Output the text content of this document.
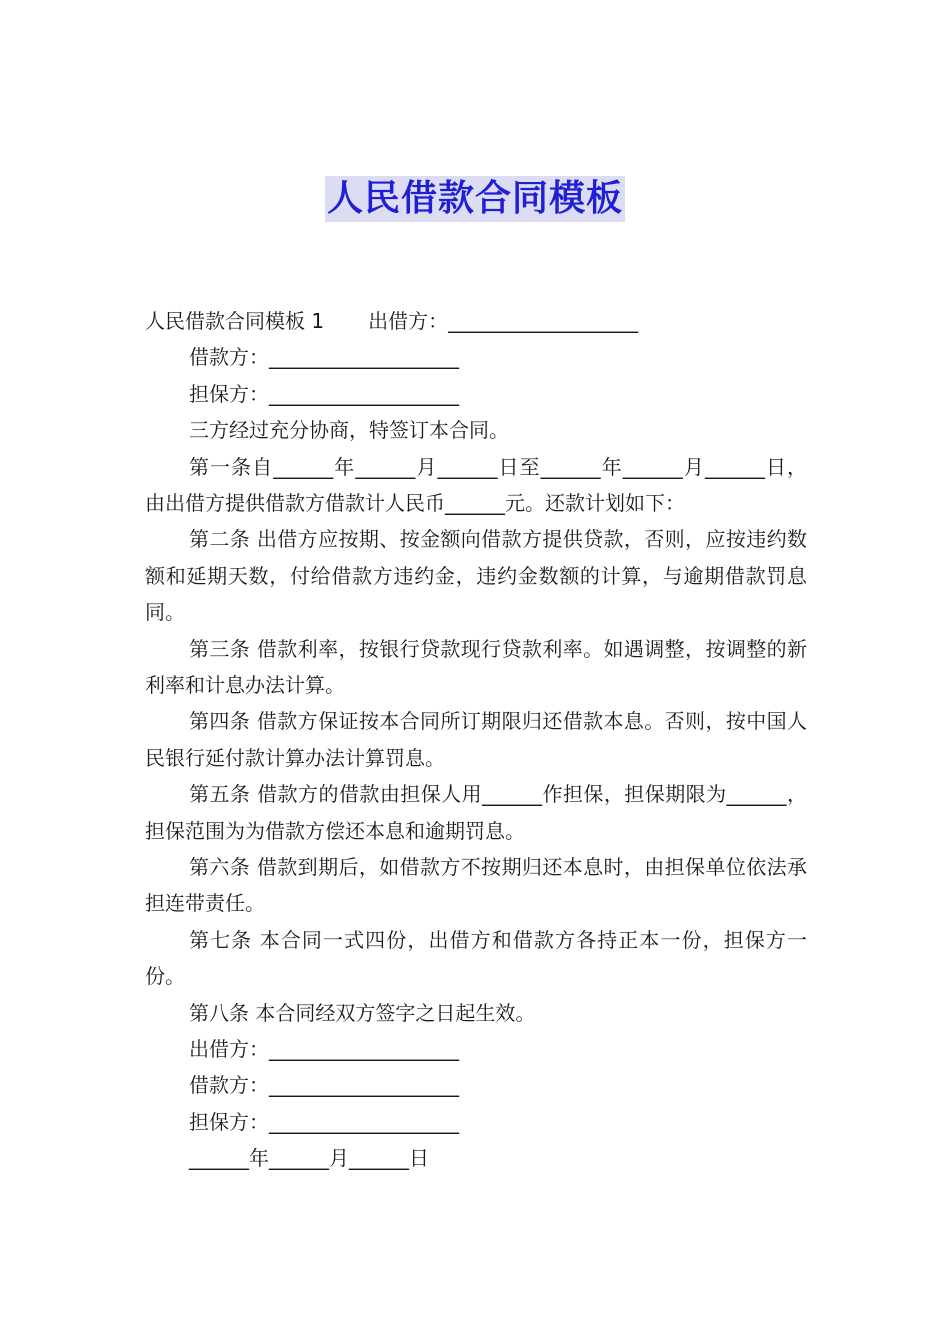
人民借款合同模板
人民借款合同模板 1 出借方：___________________
借款方：___________________
担保方：___________________
三方经过充分协商，特签订本合同。

第一条自______年______月______日至______年______月______日，由出借方提供借款方借款计人民币______元。还款计划如下：

第二条 出借方应按期、按金额向借款方提供贷款，否则，应按违约数额和延期天数，付给借款方违约金，违约金数额的计算，与逾期借款罚息同。

第三条 借款利率，按银行贷款现行贷款利率。如遇调整，按调整的新利率和计息办法计算。

第四条 借款方保证按本合同所订期限归还借款本息。否则，按中国人民银行延付款计算办法计算罚息。

第五条 借款方的借款由担保人用______作担保，担保期限为______，担保范围为为借款方偿还本息和逾期罚息。

第六条 借款到期后，如借款方不按期归还本息时，由担保单位依法承担连带责任。

第七条 本合同一式四份，出借方和借款方各持正本一份，担保方一份。

第八条 本合同经双方签字之日起生效。
出借方：___________________
借款方：___________________
担保方：___________________
______年______月______日
